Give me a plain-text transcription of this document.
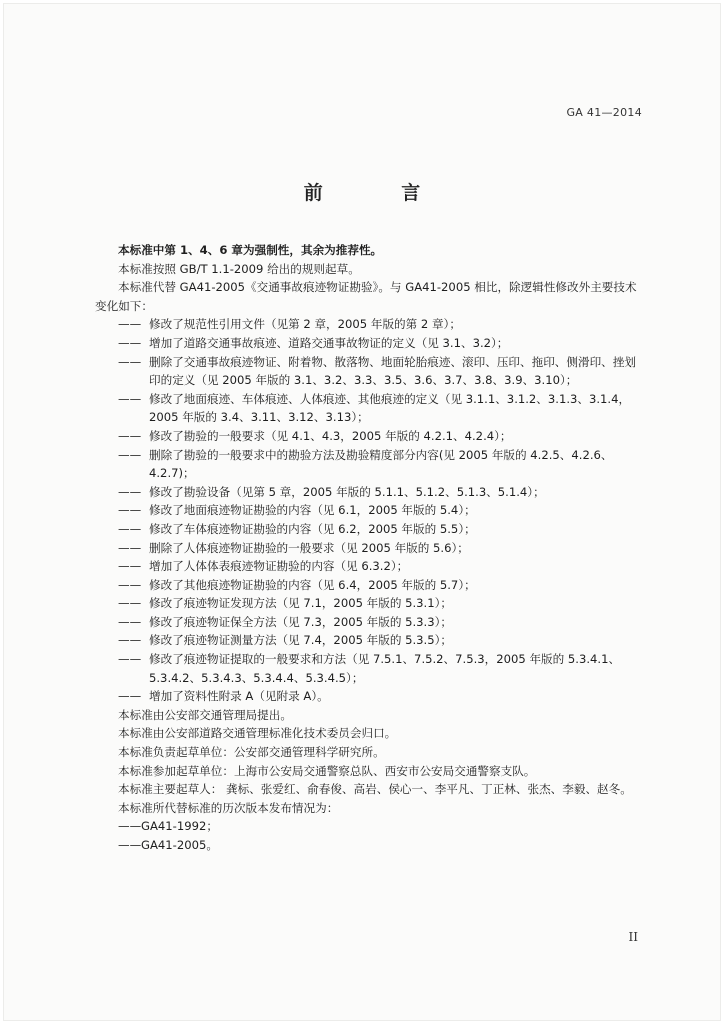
GA 41—2014
前 言

本标准中第 1、4、6 章为强制性，其余为推荐性。

本标准按照 GB/T 1.1-2009 给出的规则起草。

本标准代替 GA41-2005《交通事故痕迹物证勘验》。与 GA41-2005 相比，除逻辑性修改外主要技术变化如下：

—— 修改了规范性引用文件（见第 2 章，2005 年版的第 2 章）；
—— 增加了道路交通事故痕迹、道路交通事故物证的定义（见 3.1、3.2）；
—— 删除了交通事故痕迹物证、附着物、散落物、地面轮胎痕迹、滚印、压印、拖印、侧滑印、挫划印的定义（见 2005 年版的 3.1、3.2、3.3、3.5、3.6、3.7、3.8、3.9、3.10）；
—— 修改了地面痕迹、车体痕迹、人体痕迹、其他痕迹的定义（见 3.1.1、3.1.2、3.1.3、3.1.4，2005 年版的 3.4、3.11、3.12、3.13）；
—— 修改了勘验的一般要求（见 4.1、4.3，2005 年版的 4.2.1、4.2.4）；
—— 删除了勘验的一般要求中的勘验方法及勘验精度部分内容(见 2005 年版的 4.2.5、4.2.6、4.2.7)；
—— 修改了勘验设备（见第 5 章，2005 年版的 5.1.1、5.1.2、5.1.3、5.1.4）；
—— 修改了地面痕迹物证勘验的内容（见 6.1，2005 年版的 5.4）；
—— 修改了车体痕迹物证勘验的内容（见 6.2，2005 年版的 5.5）；
—— 删除了人体痕迹物证勘验的一般要求（见 2005 年版的 5.6）；
—— 增加了人体体表痕迹物证勘验的内容（见 6.3.2）；
—— 修改了其他痕迹物证勘验的内容（见 6.4，2005 年版的 5.7）；
—— 修改了痕迹物证发现方法（见 7.1，2005 年版的 5.3.1）；
—— 修改了痕迹物证保全方法（见 7.3，2005 年版的 5.3.3）；
—— 修改了痕迹物证测量方法（见 7.4，2005 年版的 5.3.5）；
—— 修改了痕迹物证提取的一般要求和方法（见 7.5.1、7.5.2、7.5.3，2005 年版的 5.3.4.1、5.3.4.2、5.3.4.3、5.3.4.4、5.3.4.5）；
—— 增加了资料性附录 A（见附录 A）。

本标准由公安部交通管理局提出。

本标准由公安部道路交通管理标准化技术委员会归口。

本标准负责起草单位：公安部交通管理科学研究所。

本标准参加起草单位：上海市公安局交通警察总队、西安市公安局交通警察支队。

本标准主要起草人： 龚标、张爱红、俞春俊、高岩、侯心一、李平凡、丁正林、张杰、李毅、赵冬。

本标准所代替标准的历次版本发布情况为：

—— GA41-1992；
—— GA41-2005。
II
